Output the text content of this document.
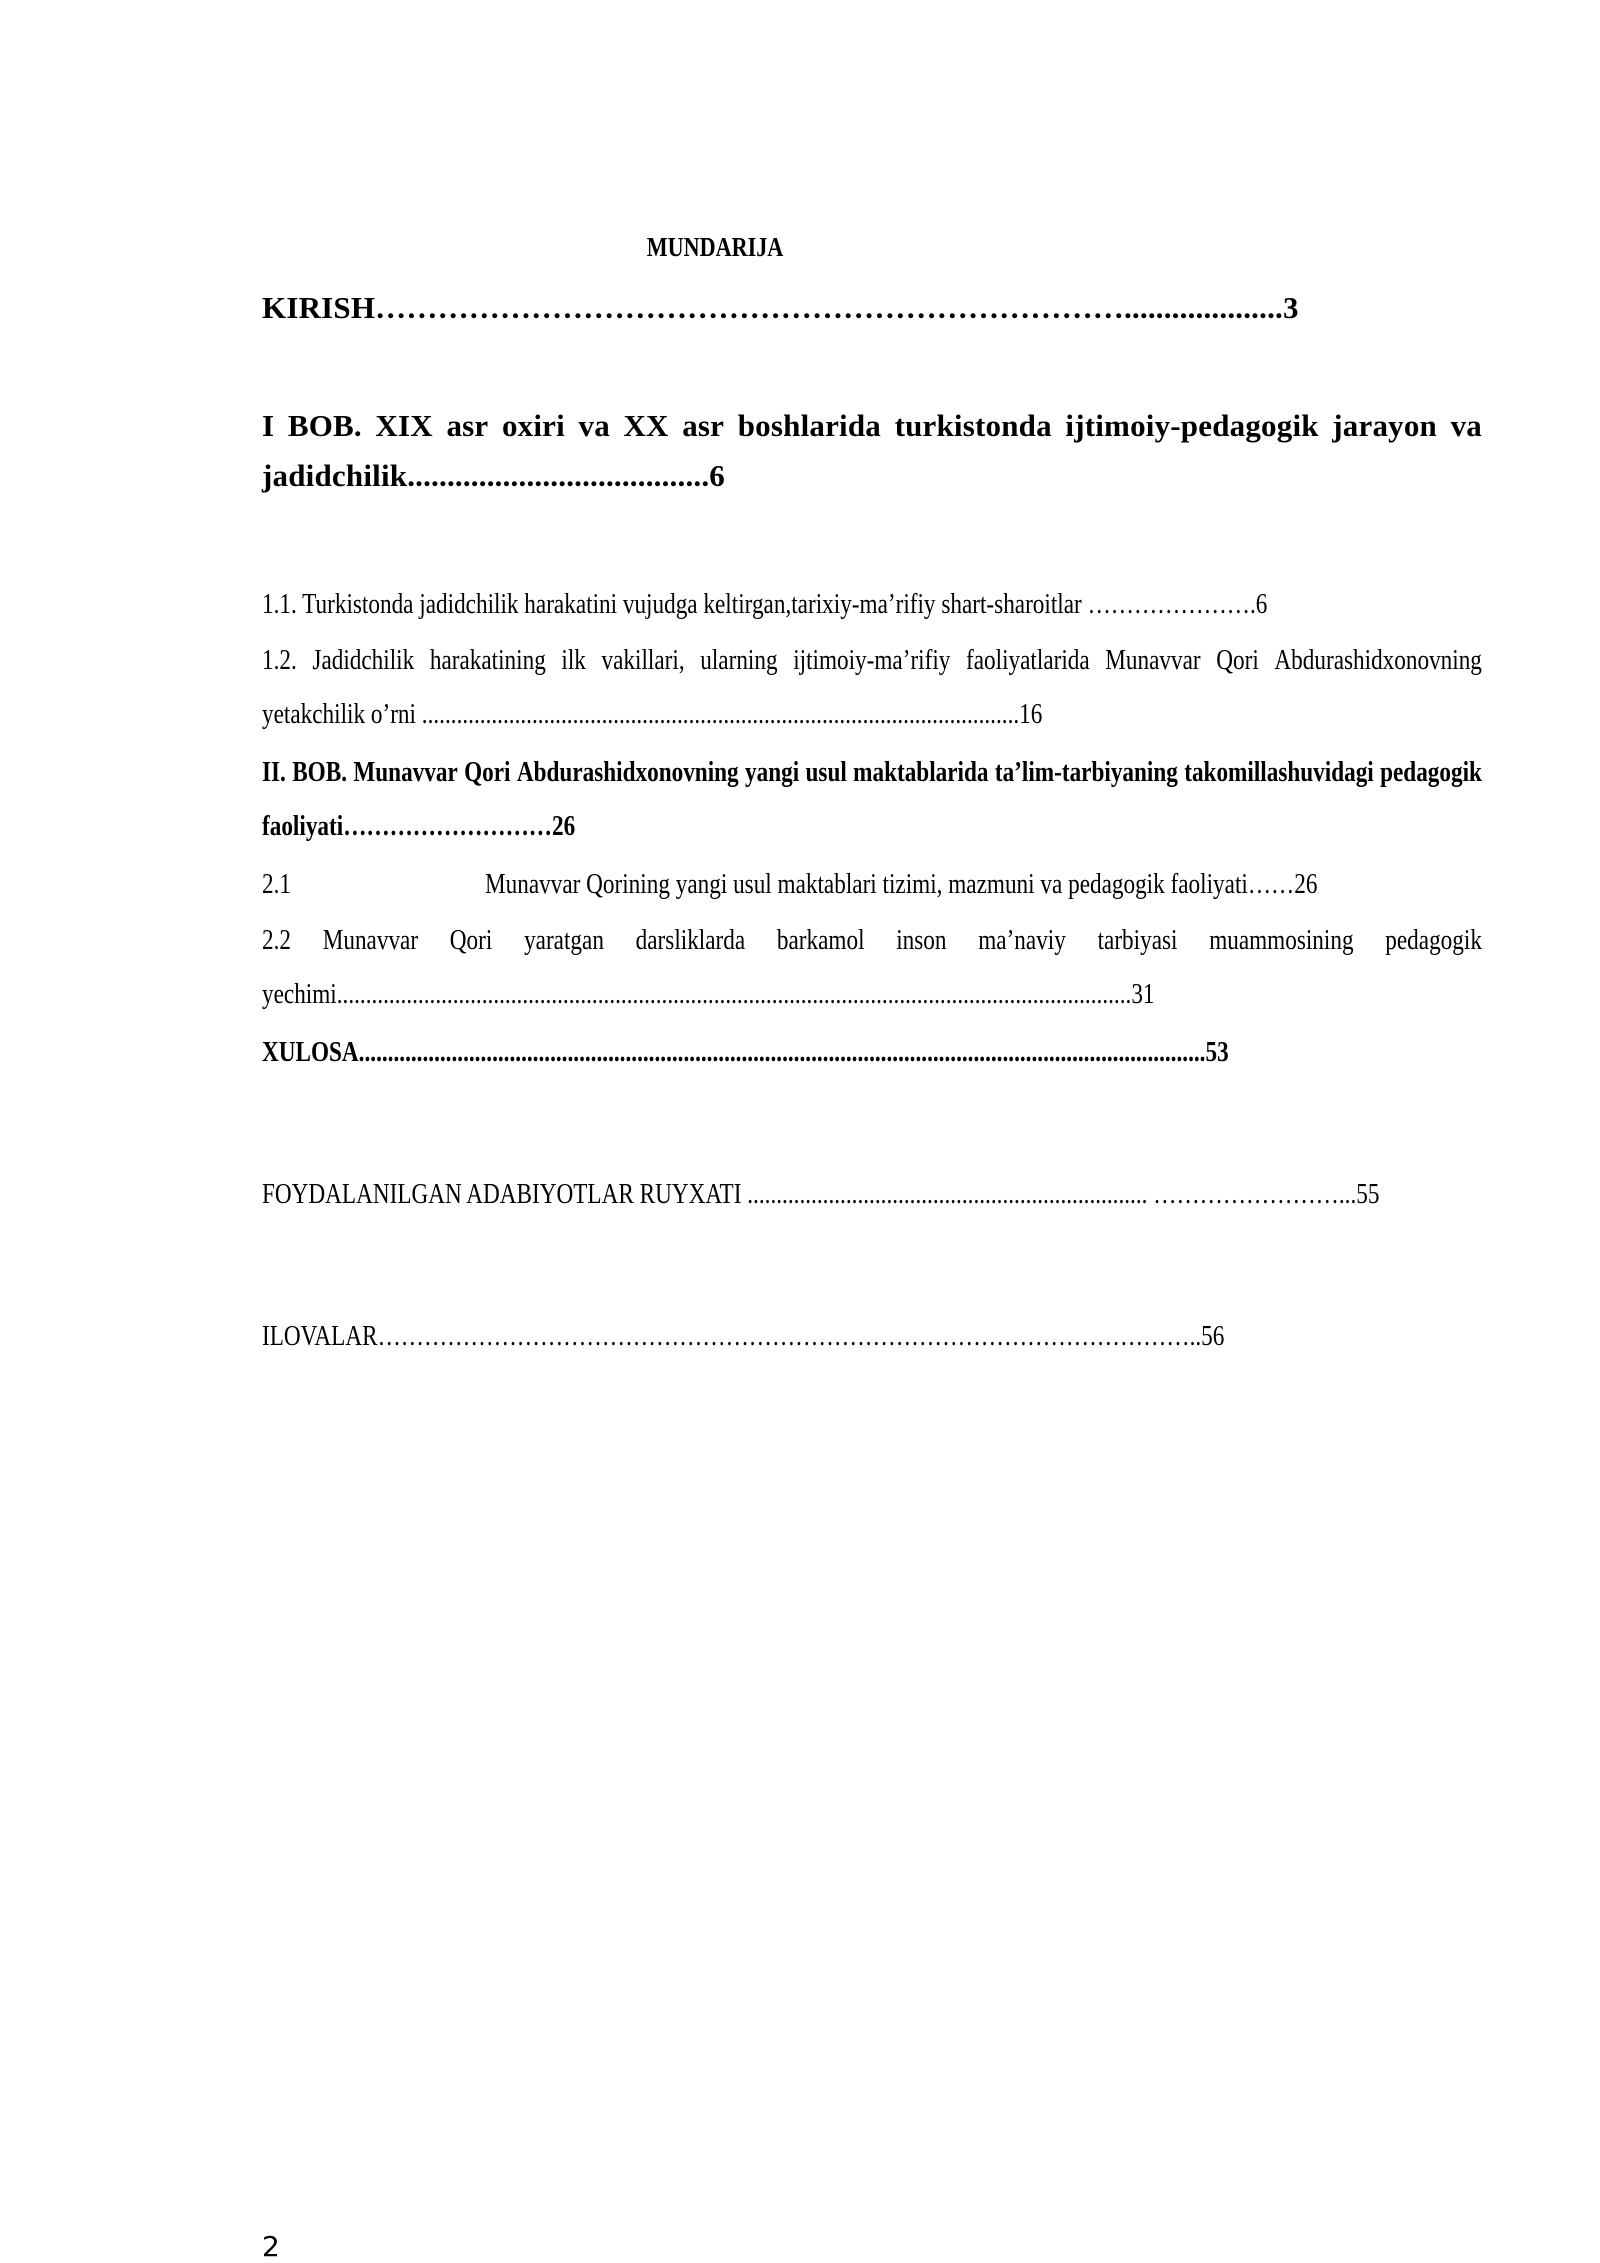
MUNDARIJA
KIRISH………………………………………………………………....................3
I BOB. XIX asr oxiri va XX asr boshlarida turkistonda ijtimoiy-pedagogik jarayon va
jadidchilik......................................6
1.1. Turkistonda jadidchilik harakatini vujudga keltirgan,tarixiy-ma’rifiy shart-sharoitlar ………………….6
1.2. Jadidchilik harakatining ilk vakillari, ularning ijtimoiy-ma’rifiy faoliyatlarida Munavvar Qori Abdurashidxonovning
yetakchilik o’rni .......................................................................................................16
II. BOB. Munavvar Qori Abdurashidxonovning yangi usul maktablarida ta’lim-tarbiyaning takomillashuvidagi pedagogik
faoliyati………………………26
2.1	Munavvar Qorining yangi usul maktablari tizimi, mazmuni va pedagogik faoliyati……26
2.2 Munavvar Qori yaratgan darsliklarda barkamol inson ma’naviy tarbiyasi muammosining pedagogik
yechimi.........................................................................................................................................31
XULOSA..................................................................................................................................................53
FOYDALANILGAN ADABIYOTLAR RUYXATI ..................................................................... ……………………...55
ILOVALAR……………………………………………………………………………………………..56
2
